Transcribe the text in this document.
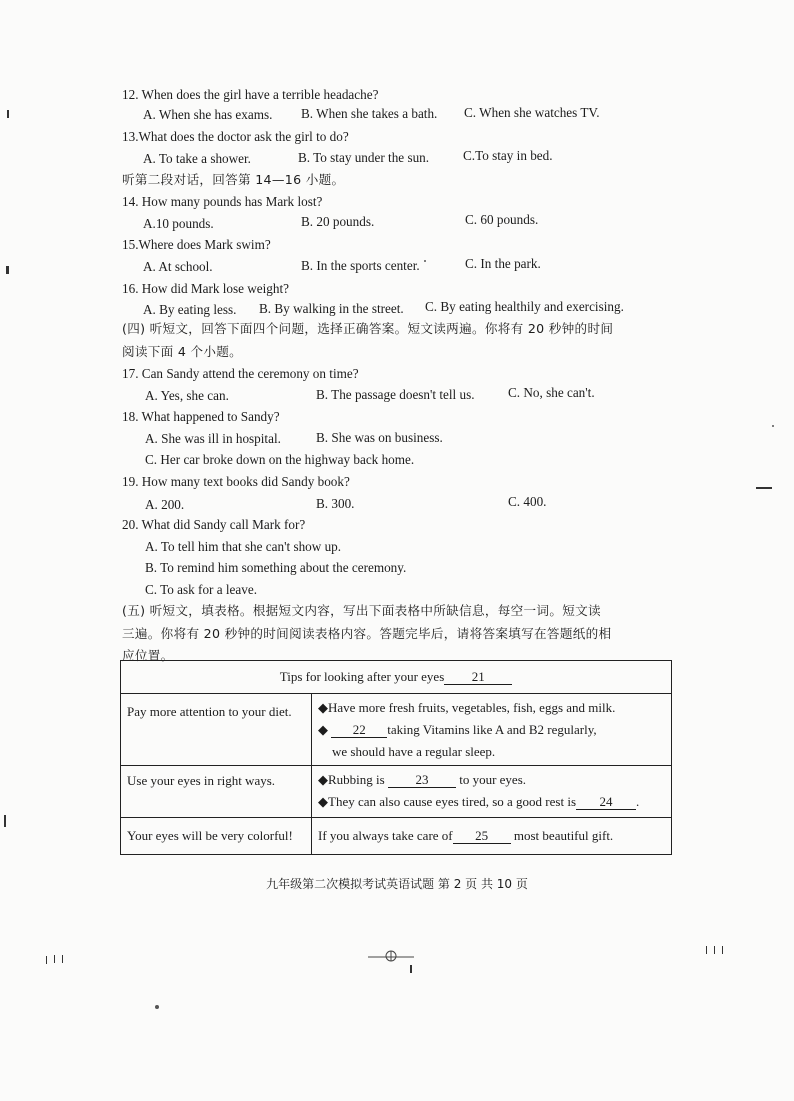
12. When does the girl have a terrible headache?
A. When she has exams. B. When she takes a bath. C. When she watches TV.
13.What does the doctor ask the girl to do?
A. To take a shower.	B. To stay under the sun.	C.To stay in bed.
听第二段对话，回答第 14—16 小题。
14. How many pounds has Mark lost?
A.10 pounds.	B. 20 pounds.	C. 60 pounds.
15.Where does Mark swim?
A. At school.	B. In the sports center.	C. In the park.
16. How did Mark lose weight?
A. By eating less. B. By walking in the street. C. By eating healthily and exercising.
(四) 听短文，回答下面四个问题，选择正确答案。短文读两遍。你将有 20 秒钟的时间
阅读下面 4 个小题。
17. Can Sandy attend the ceremony on time?
A. Yes, she can.	B. The passage doesn't tell us.	C. No, she can't.
18. What happened to Sandy?
A. She was ill in hospital.	B. She was on business.
C. Her car broke down on the highway back home.
19. How many text books did Sandy book?
A. 200.	B. 300.	C. 400.
20. What did Sandy call Mark for?
A. To tell him that she can't show up.
B. To remind him something about the ceremony.
C. To ask for a leave.
(五) 听短文，填表格。根据短文内容，写出下面表格中所缺信息，每空一词。短文读
三遍。你将有 20 秒钟的时间阅读表格内容。答题完毕后，请将答案填写在答题纸的相
应位置。
Tips for looking after your eyes 21	

Pay more attention to your diet.	◆Have more fresh fruits, vegetables, fish, eggs and milk.
◆ 22 taking Vitamins like A and B2 regularly,
we should have a regular sleep.

Use your eyes in right ways.	◆Rubbing is 23 to your eyes.
◆They can also cause eyes tired, so a good rest is 24 .

Your eyes will be very colorful!	If you always take care of 25 most beautiful gift.
九年级第二次模拟考试英语试题 第 2 页 共 10 页
